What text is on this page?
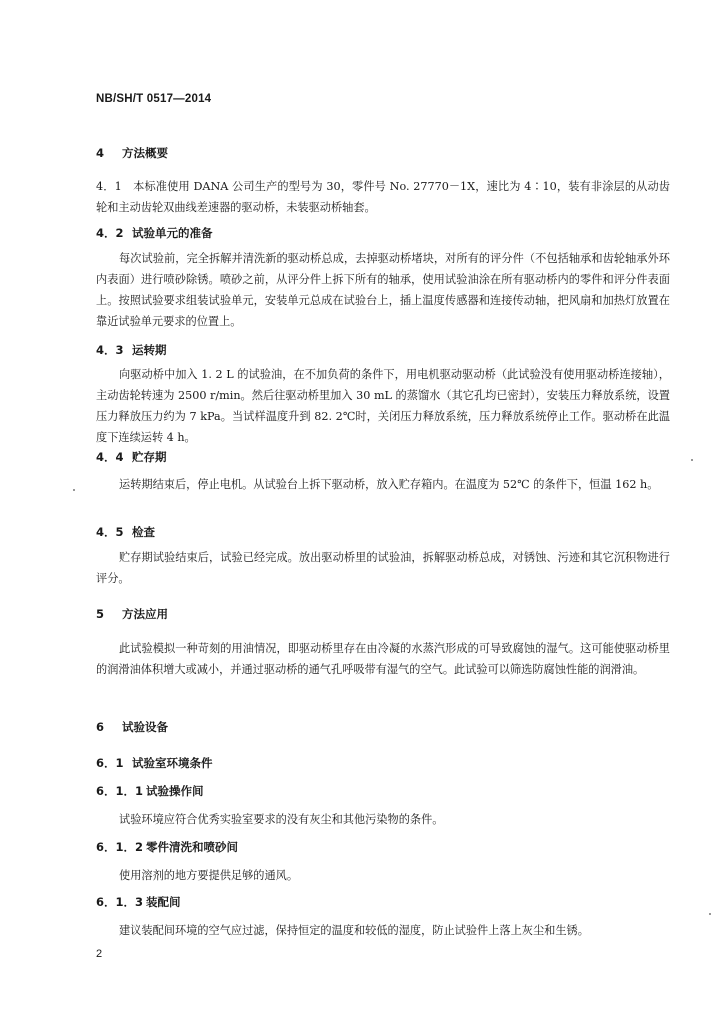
NB/SH/T 0517—2014
4 方法概要
4．1　本标准使用 DANA 公司生产的型号为 30，零件号 No. 27770－1X，速比为 4∶10，装有非涂层的从动齿轮和主动齿轮双曲线差速器的驱动桥，未装驱动桥轴套。
4．2 试验单元的准备
每次试验前，完全拆解并清洗新的驱动桥总成，去掉驱动桥堵块，对所有的评分件（不包括轴承和齿轮轴承外环内表面）进行喷砂除锈。喷砂之前，从评分件上拆下所有的轴承，使用试验油涂在所有驱动桥内的零件和评分件表面上。按照试验要求组装试验单元，安装单元总成在试验台上，插上温度传感器和连接传动轴，把风扇和加热灯放置在靠近试验单元要求的位置上。
4．3 运转期
向驱动桥中加入 1. 2 L 的试验油，在不加负荷的条件下，用电机驱动驱动桥（此试验没有使用驱动桥连接轴），主动齿轮转速为 2500 r/min。然后往驱动桥里加入 30 mL 的蒸馏水（其它孔均已密封），安装压力释放系统，设置压力释放压力约为 7 kPa。当试样温度升到 82. 2℃时，关闭压力释放系统，压力释放系统停止工作。驱动桥在此温度下连续运转 4 h。
4．4 贮存期
运转期结束后，停止电机。从试验台上拆下驱动桥，放入贮存箱内。在温度为 52℃ 的条件下，恒温 162 h。
4．5 检查
贮存期试验结束后，试验已经完成。放出驱动桥里的试验油，拆解驱动桥总成，对锈蚀、污迹和其它沉积物进行评分。
5 方法应用
此试验模拟一种苛刻的用油情况，即驱动桥里存在由冷凝的水蒸汽形成的可导致腐蚀的湿气。这可能使驱动桥里的润滑油体积增大或减小，并通过驱动桥的通气孔呼吸带有湿气的空气。此试验可以筛选防腐蚀性能的润滑油。
6 试验设备
6．1 试验室环境条件
6．1．1 试验操作间
试验环境应符合优秀实验室要求的没有灰尘和其他污染物的条件。
6．1．2 零件清洗和喷砂间
使用溶剂的地方要提供足够的通风。
6．1．3 装配间
建议装配间环境的空气应过滤，保持恒定的温度和较低的湿度，防止试验件上落上灰尘和生锈。
2
